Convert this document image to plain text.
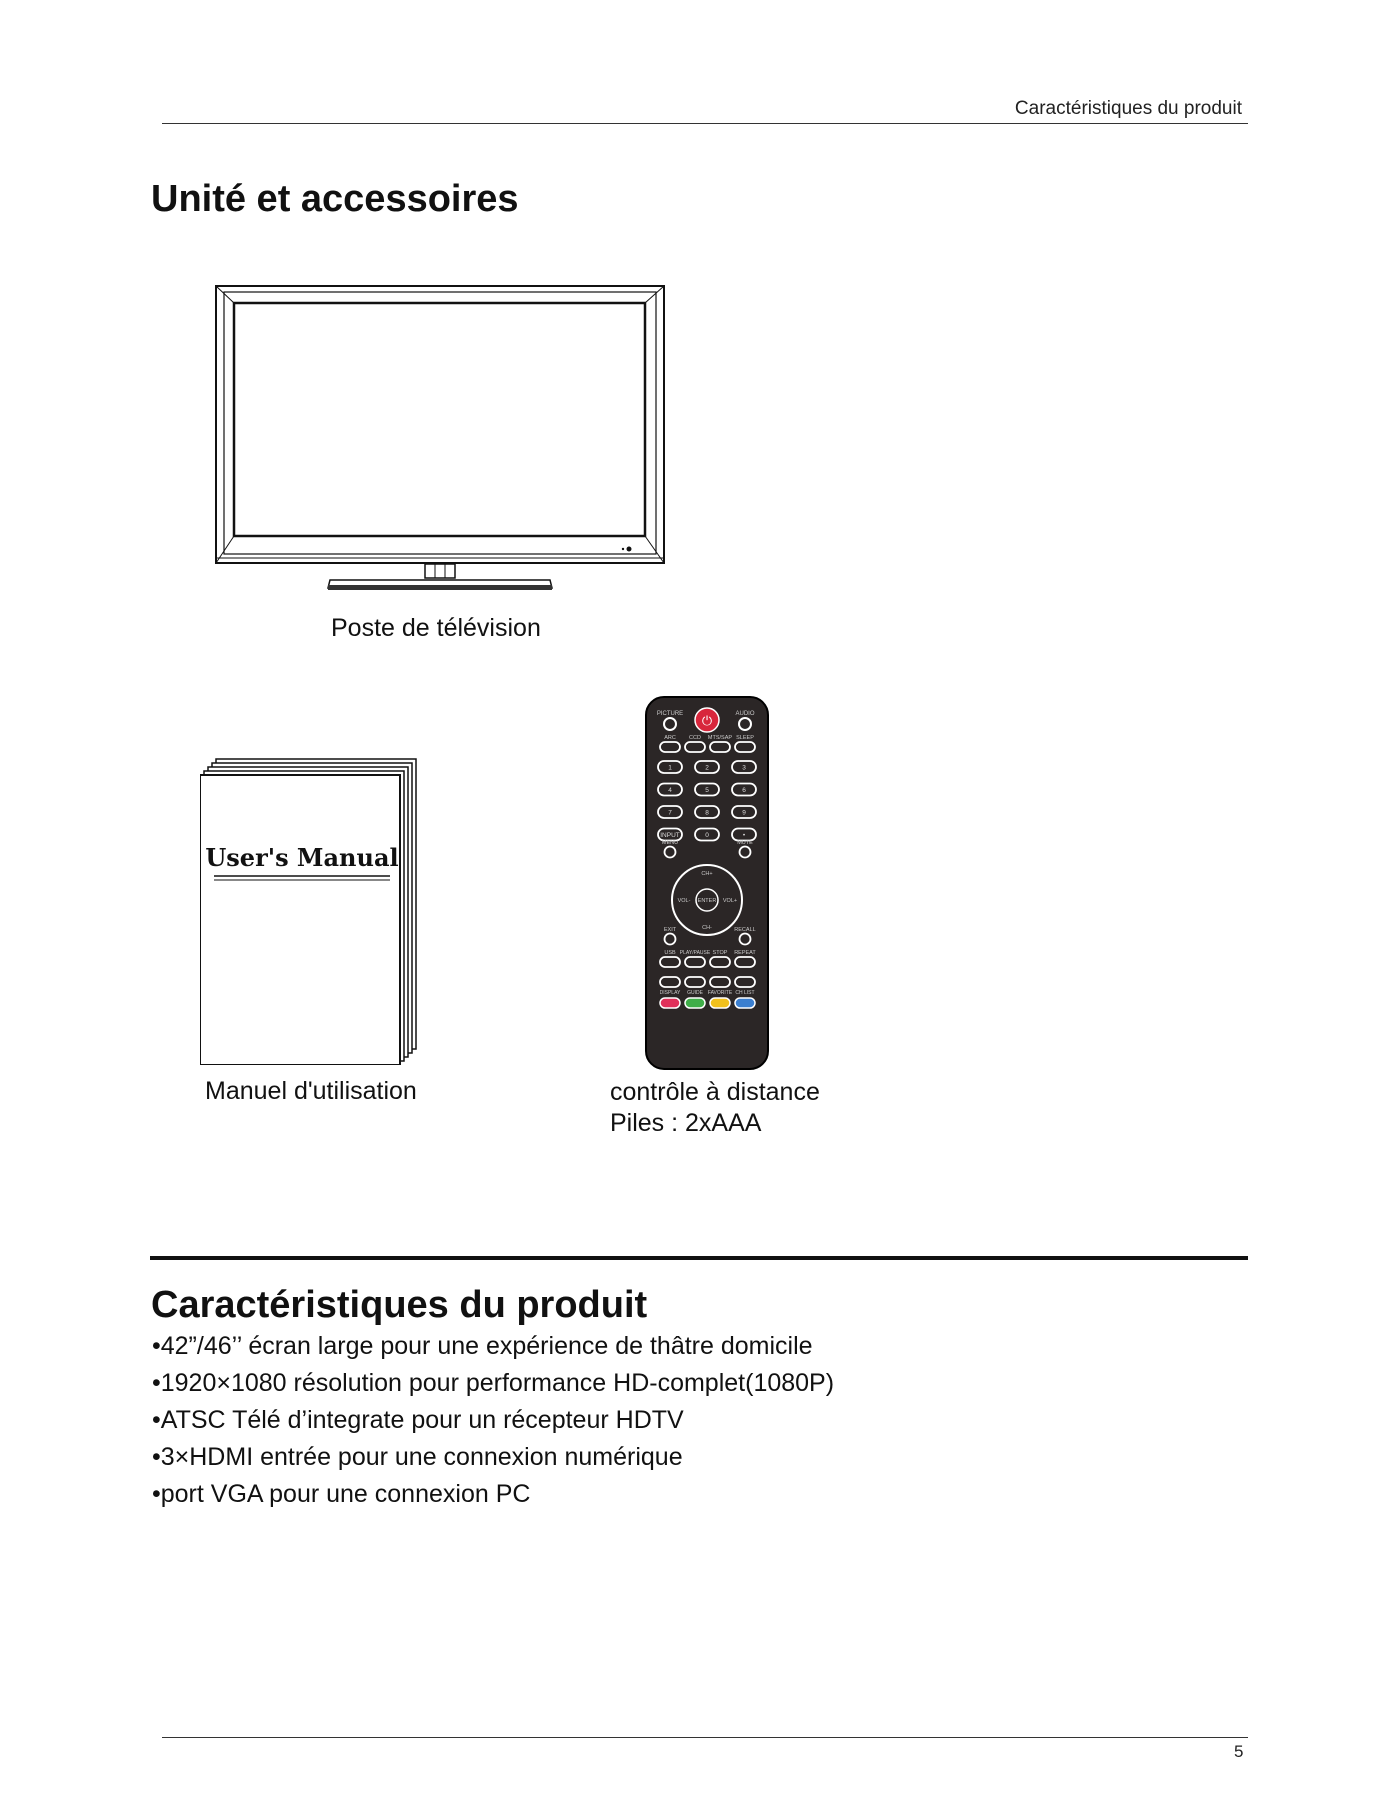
Caractéristiques du produit
Unité et accessoires
Poste de télévision
User's Manual
Manuel d'utilisation
PICTURE ⏻	AUDIO
ARC CCD MTS/SAP SLEEP
1	2	3
4	5	6
7	8	9
INPUT	0	•
MENU	MUTE
ENTER
CH+
CH-
VOL-	VOL+
EXIT	RECALL
USB PLAY/PAUSE STOP REPEAT
DISPLAY GUIDE FAVORITE CH LIST
contrôle à distance
Piles : 2xAAA
Caractéristiques du produit
•42”/46’’ écran large pour une expérience de thâtre domicile
•1920×1080 résolution pour performance HD-complet(1080P)
•ATSC Télé d’integrate pour un récepteur HDTV
•3×HDMI entrée pour une connexion numérique
•port VGA pour une connexion PC
5
